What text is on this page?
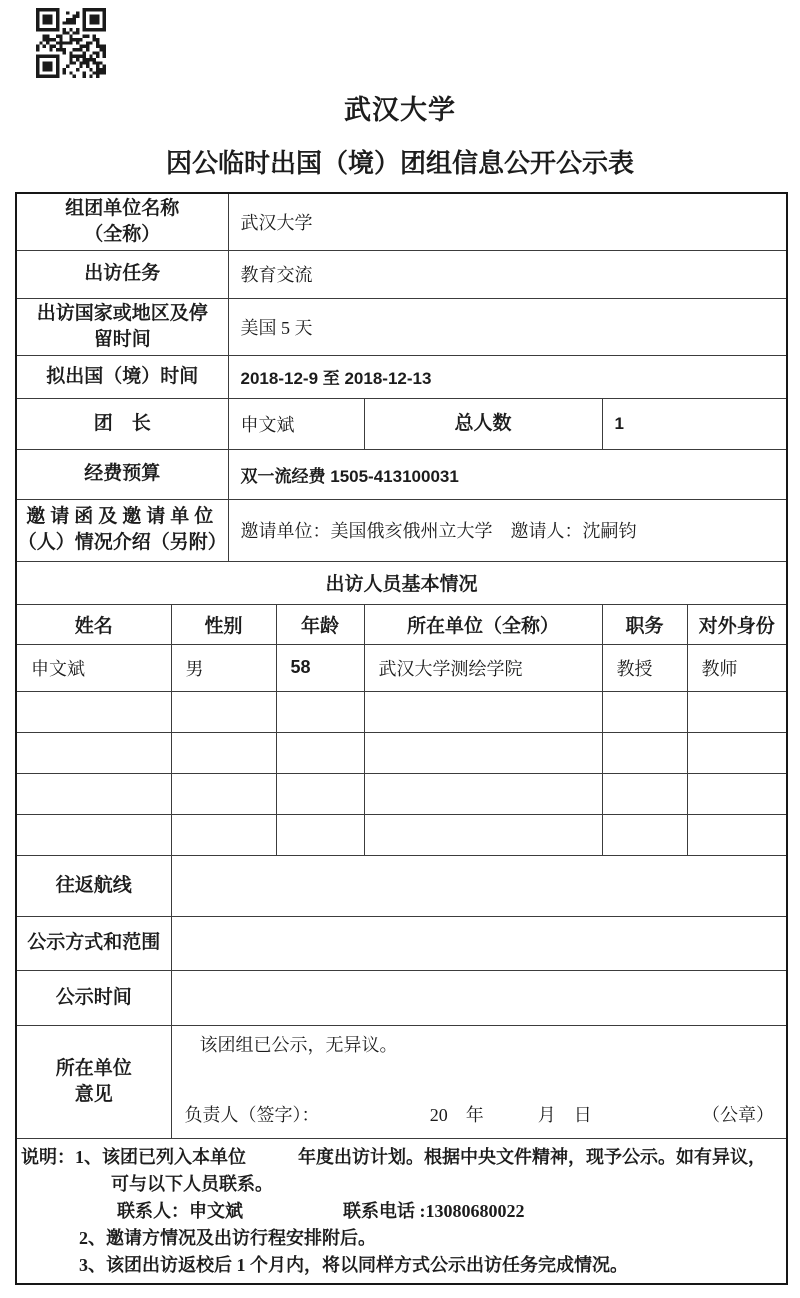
武汉大学
因公临时出国（境）团组信息公开公示表
组团单位名称
（全称）		武汉大学				
出访任务		教育交流				

出访国家或地区及停
留时间		美国 5 天				
拟出国（境）时间		2018-12-9 至 2018-12-13				
团　长		申文斌		总人数	1	
经费预算		双一流经费 1505-413100031				

邀请函及邀请单位
（人）情况介绍（另附）		邀请单位：美国俄亥俄州立大学　邀请人：沈嗣钧				
出访人员基本情况						
姓名	性别		年龄	所在单位（全称）	职务	对外身份
申文斌	男		58	武汉大学测绘学院	教授	教师

往返航线						
公示方式和范围						
公示时间						

所在单位
意见

该团组已公示，无异议。
负责人（签字）：	20　年　　　月　日	（公章）

说明：1、该团已列入本单位 年度出访计划。根据中央文件精神，现予公示。如有异议，
可与以下人员联系。
联系人：申文斌 联系电话 :13080680022
2、邀请方情况及出访行程安排附后。
3、该团出访返校后 1 个月内，将以同样方式公示出访任务完成情况。						
